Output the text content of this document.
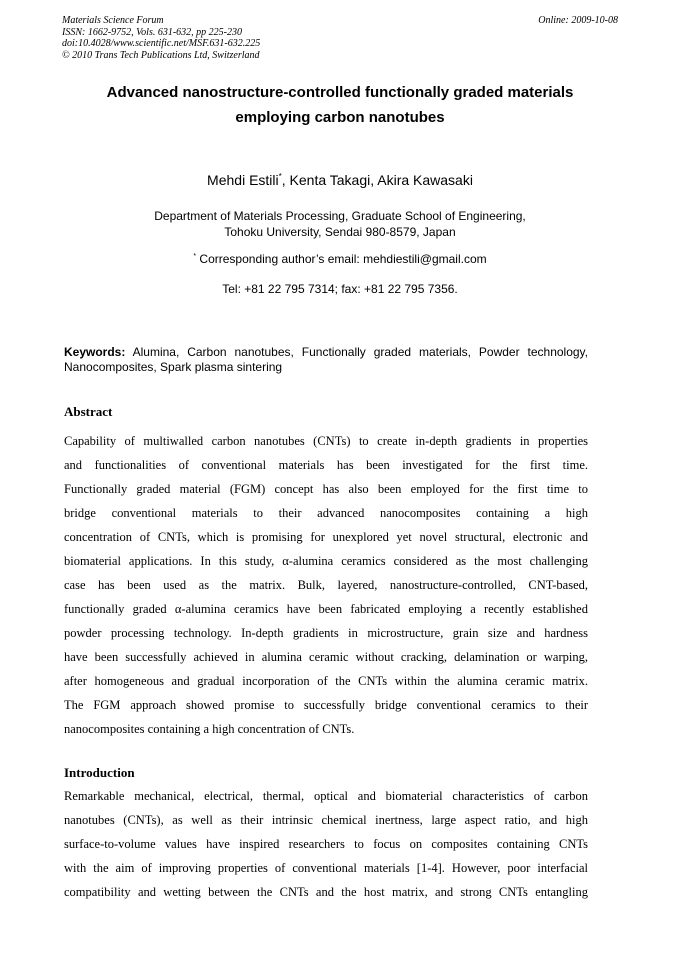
Materials Science Forum
ISSN: 1662-9752, Vols. 631-632, pp 225-230
doi:10.4028/www.scientific.net/MSF.631-632.225
© 2010 Trans Tech Publications Ltd, Switzerland
Online: 2009-10-08
Advanced nanostructure-controlled functionally graded materials
employing carbon nanotubes
Mehdi Estili*, Kenta Takagi, Akira Kawasaki
Department of Materials Processing, Graduate School of Engineering,
Tohoku University, Sendai 980-8579, Japan
* Corresponding author’s email: mehdiestili@gmail.com
Tel: +81 22 795 7314; fax: +81 22 795 7356.
Keywords: Alumina, Carbon nanotubes, Functionally graded materials, Powder technology, Nanocomposites, Spark plasma sintering
Abstract
Capability of multiwalled carbon nanotubes (CNTs) to create in-depth gradients in properties
and functionalities of conventional materials has been investigated for the first time.
Functionally graded material (FGM) concept has also been employed for the first time to
bridge conventional materials to their advanced nanocomposites containing a high
concentration of CNTs, which is promising for unexplored yet novel structural, electronic and
biomaterial applications. In this study, α-alumina ceramics considered as the most challenging
case has been used as the matrix. Bulk, layered, nanostructure-controlled, CNT-based,
functionally graded α-alumina ceramics have been fabricated employing a recently established
powder processing technology. In-depth gradients in microstructure, grain size and hardness
have been successfully achieved in alumina ceramic without cracking, delamination or warping,
after homogeneous and gradual incorporation of the CNTs within the alumina ceramic matrix.
The FGM approach showed promise to successfully bridge conventional ceramics to their
nanocomposites containing a high concentration of CNTs.
Introduction
Remarkable mechanical, electrical, thermal, optical and biomaterial characteristics of carbon
nanotubes (CNTs), as well as their intrinsic chemical inertness, large aspect ratio, and high
surface-to-volume values have inspired researchers to focus on composites containing CNTs
with the aim of improving properties of conventional materials [1-4]. However, poor interfacial
compatibility and wetting between the CNTs and the host matrix, and strong CNTs entangling
